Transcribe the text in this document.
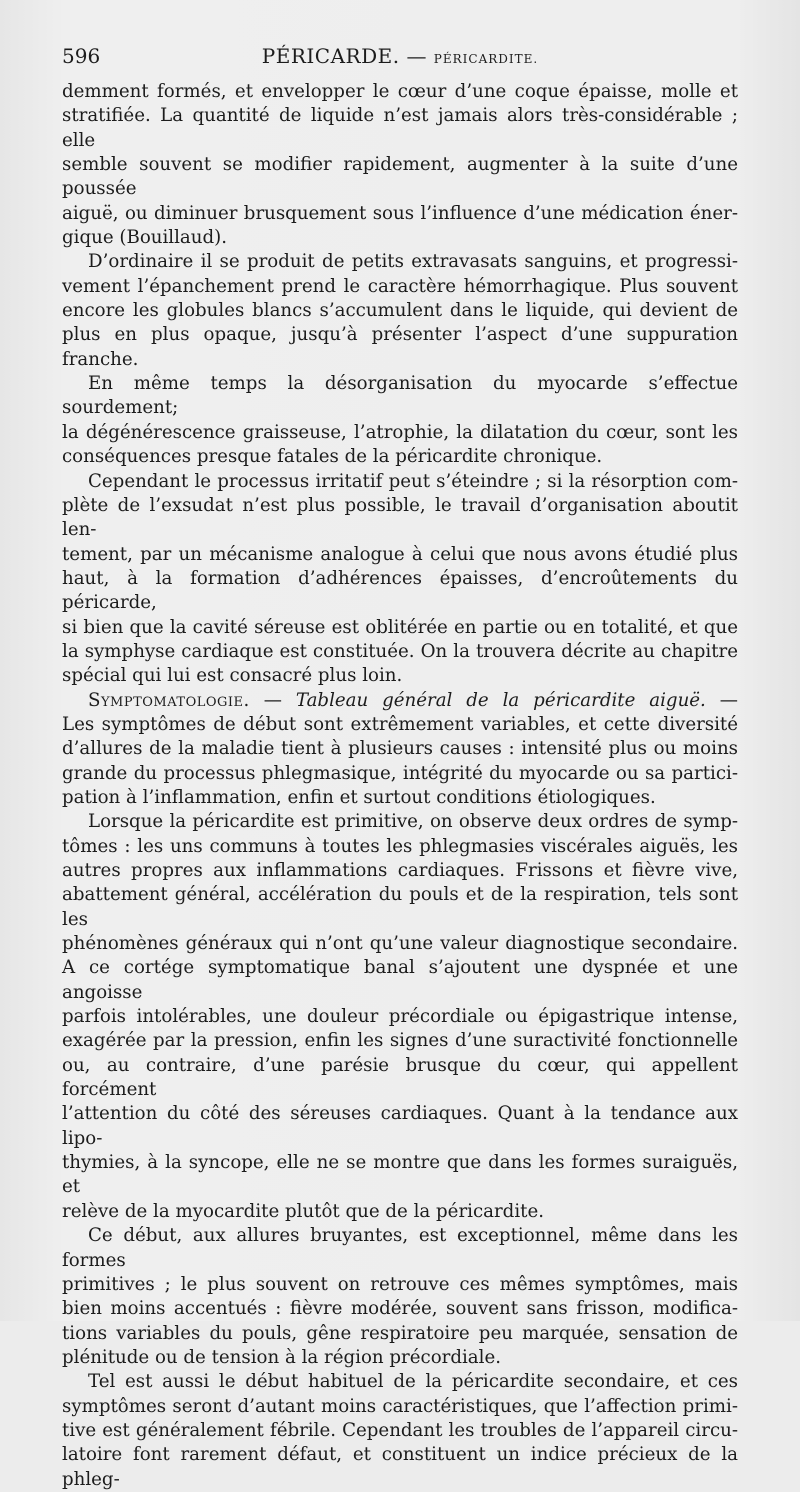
596	PÉRICARDE. — PÉRICARDITE.

demment formés, et envelopper le cœur d’une coque épaisse, molle et

stratifiée. La quantité de liquide n’est jamais alors très-considérable ; elle

semble souvent se modifier rapidement, augmenter à la suite d’une poussée

aiguë, ou diminuer brusquement sous l’influence d’une médication éner-

gique (Bouillaud).

D’ordinaire il se produit de petits extravasats sanguins, et progressi-

vement l’épanchement prend le caractère hémorrhagique. Plus souvent

encore les globules blancs s’accumulent dans le liquide, qui devient de

plus en plus opaque, jusqu’à présenter l’aspect d’une suppuration

franche.

En même temps la désorganisation du myocarde s’effectue sourdement;

la dégénérescence graisseuse, l’atrophie, la dilatation du cœur, sont les

conséquences presque fatales de la péricardite chronique.

Cependant le processus irritatif peut s’éteindre ; si la résorption com-

plète de l’exsudat n’est plus possible, le travail d’organisation aboutit len-

tement, par un mécanisme analogue à celui que nous avons étudié plus

haut, à la formation d’adhérences épaisses, d’encroûtements du péricarde,

si bien que la cavité séreuse est oblitérée en partie ou en totalité, et que

la symphyse cardiaque est constituée. On la trouvera décrite au chapitre

spécial qui lui est consacré plus loin.

Symptomatologie. — Tableau général de la péricardite aiguë. —

Les symptômes de début sont extrêmement variables, et cette diversité

d’allures de la maladie tient à plusieurs causes : intensité plus ou moins

grande du processus phlegmasique, intégrité du myocarde ou sa partici-

pation à l’inflammation, enfin et surtout conditions étiologiques.

Lorsque la péricardite est primitive, on observe deux ordres de symp-

tômes : les uns communs à toutes les phlegmasies viscérales aiguës, les

autres propres aux inflammations cardiaques. Frissons et fièvre vive,

abattement général, accélération du pouls et de la respiration, tels sont les

phénomènes généraux qui n’ont qu’une valeur diagnostique secondaire.

A ce cortége symptomatique banal s’ajoutent une dyspnée et une angoisse

parfois intolérables, une douleur précordiale ou épigastrique intense,

exagérée par la pression, enfin les signes d’une suractivité fonctionnelle

ou, au contraire, d’une parésie brusque du cœur, qui appellent forcément

l’attention du côté des séreuses cardiaques. Quant à la tendance aux lipo-

thymies, à la syncope, elle ne se montre que dans les formes suraiguës, et

relève de la myocardite plutôt que de la péricardite.

Ce début, aux allures bruyantes, est exceptionnel, même dans les formes

primitives ; le plus souvent on retrouve ces mêmes symptômes, mais

bien moins accentués : fièvre modérée, souvent sans frisson, modifica-

tions variables du pouls, gêne respiratoire peu marquée, sensation de

plénitude ou de tension à la région précordiale.

Tel est aussi le début habituel de la péricardite secondaire, et ces

symptômes seront d’autant moins caractéristiques, que l’affection primi-

tive est généralement fébrile. Cependant les troubles de l’appareil circu-

latoire font rarement défaut, et constituent un indice précieux de la phleg-
